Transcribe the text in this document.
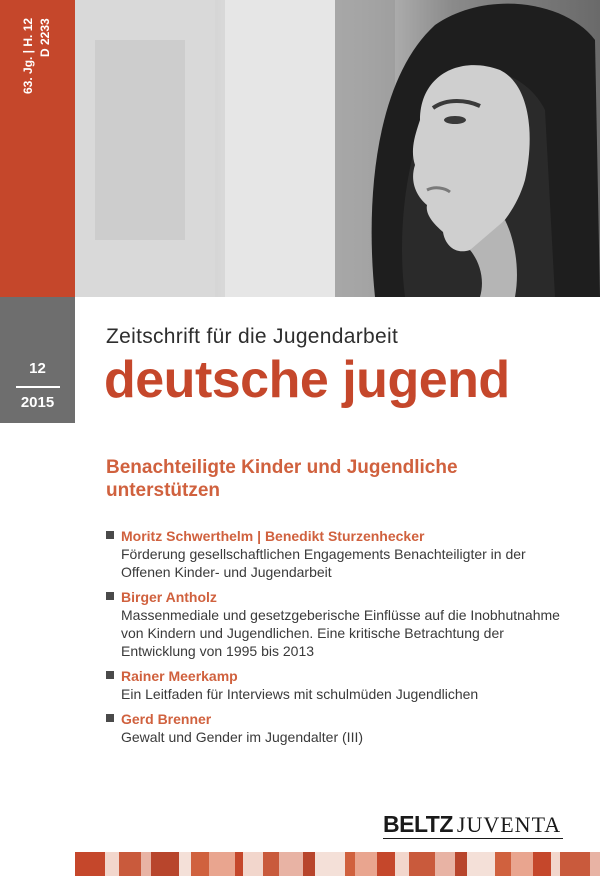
63. Jg. | H. 12 D 2233
12
2015
Zeitschrift für die Jugendarbeit
deutsche jugend
Benachteiligte Kinder und Jugendliche unterstützen
Moritz Schwerthelm | Benedikt Sturzenhecker
Förderung gesellschaftlichen Engagements Benachteiligter in der Offenen Kinder- und Jugendarbeit
Birger Antholz
Massenmediale und gesetzgeberische Einflüsse auf die Inobhutnahme von Kindern und Jugendlichen. Eine kritische Betrachtung der Entwicklung von 1995 bis 2013
Rainer Meerkamp
Ein Leitfaden für Interviews mit schulmüden Jugendlichen
Gerd Brenner
Gewalt und Gender im Jugendalter (III)
BELTZ JUVENTA
